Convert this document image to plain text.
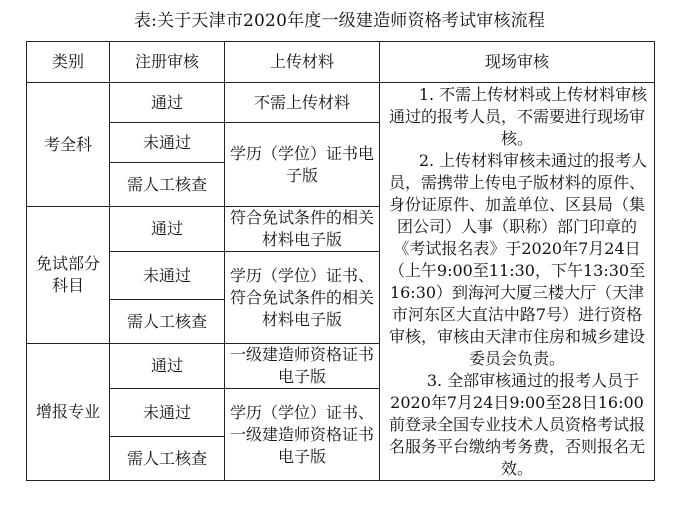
表:关于天津市2020年度一级建造师资格考试审核流程
类别	注册审核	上传材料	现场审核
考全科	通过	不需上传材料	1. 不需上传材料或上传材料审核通过的报考人员，不需要进行现场审核。

2. 上传材料审核未通过的报考人员，需携带上传电子版材料的原件、身份证原件、加盖单位、区县局（集团公司）人事（职称）部门印章的《考试报名表》于2020年7月24日（上午9:00至11:30，下午13:30至16:30）到海河大厦三楼大厅（天津市河东区大直沽中路7号）进行资格审核，审核由天津市住房和城乡建设委员会负责。

3. 全部审核通过的报考人员于2020年7月24日9:00至28日16:00前登录全国专业技术人员资格考试报名服务平台缴纳考务费，否则报名无效。

	未通过	学历（学位）证书电子版	
	需人工核查		
免试部分科目	通过	符合免试条件的相关材料电子版	
	未通过	学历（学位）证书、符合免试条件的相关材料电子版	
	需人工核查		
增报专业	通过	一级建造师资格证书电子版	
	未通过	学历（学位）证书、一级建造师资格证书电子版	
	需人工核查		
